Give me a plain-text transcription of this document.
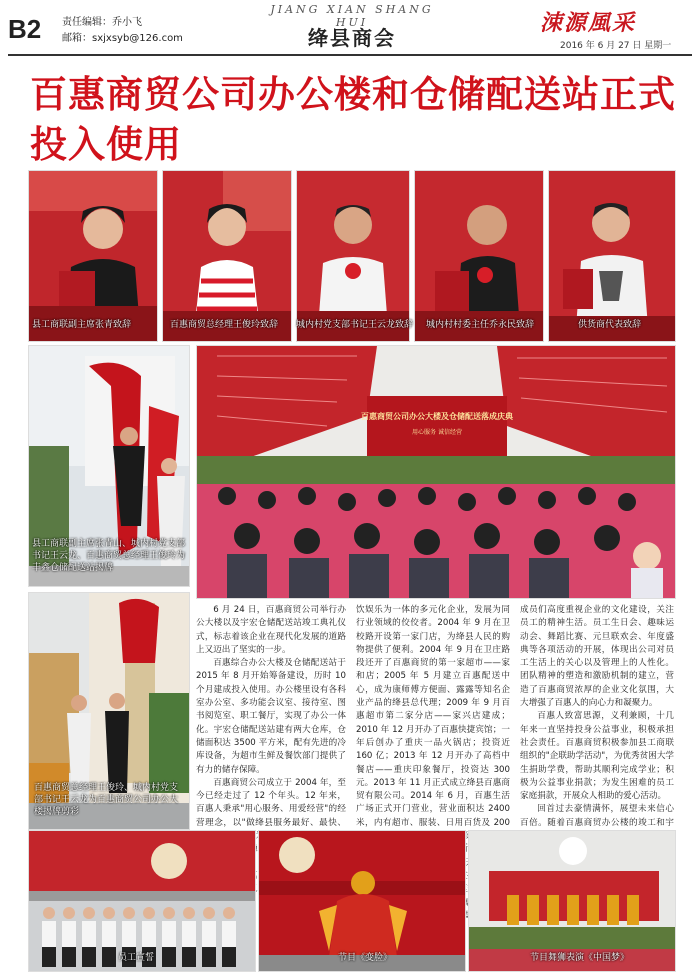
B2 责任编辑：乔小飞
邮箱：sxjxsyb@126.com
JIANG XIAN SHANG HUI
绛县商会
涑源風采
2016 年 6 月 27 日 星期一
百惠商贸公司办公楼和仓储配送站正式投入使用
县工商联副主席张青致辞	百惠商贸总经理王俊玲致辞 城内村党支部书记王云龙致辞 城内村村委主任乔永民致辞	供货商代表致辞
县工商联副主席张青山、城内村党支部书记王云龙、百惠商贸总经理王俊玲为丰鑫仓储配送站揭牌
百惠商贸公司办公大楼及仓储配送落成庆典
用心服务 诚信经营
百惠商贸总经理王俊玲、城内村党支部书记王云龙为百惠商贸公司办公大楼揭牌剪彩

6 月 24 日，百惠商贸公司举行办公大楼以及宇宏仓储配送站竣工典礼仪式，标志着该企业在现代化发展的道路上又迈出了坚实的一步。

百惠综合办公大楼及仓储配送站于 2015 年 8 月开始筹备建设，历时 10 个月建成投入使用。办公楼里设有各科室办公室、多功能会议室、接待室、图书阅览室、职工餐厅，实现了办公一体化。宇宏仓储配送站建有两大仓库，仓储面积达 3500 平方米，配有先进的冷库设备，为超市生鲜及餐饮部门提供了有力的储存保障。

百惠商贸公司成立于 2004 年，至今已经走过了 12 个年头。12 年来，百惠人秉承"用心服务、用爱经营"的经营理念，以"做绛县服务最好、最快、 稳扎

饮娱乐为一体的多元化企业，发展为同行业领域的佼佼者。2004 年 9 月在卫校路开设第一家门店，为绛县人民的购物提供了便利。2004 年 9 月在卫庄路段还开了百惠商贸的第一家超市——家和店；2005 年 5 月建立百惠配送中心，成为康师傅方便面、露露等知名企业产品的绛县总代理；2009 年 9 月百惠超市第二家分店——家兴店建成；2010 年 12 月开办了百惠快捷宾馆；一年后创办了重庆一品火锅店；投资近 160 亿；2013 年 12 月开办了高档中餐店——重庆印象餐厅，投资达 300 元。2013 年 11 月正式成立绛县百惠商贸有限公司。2014 年 6 月，百惠生活广场正式开门营业，营业面积达 2400 米，内有超市、服装、日用百货及 200

成员们高度重视企业的文化建设，关注员工的精神生活。员工生日会、趣味运动会、舞蹈比赛、元旦联欢会、年度盛典等各项活动的开展，体现出公司对员工生活上的关心以及管理上的人性化。团队精神的塑造和激励机制的建立，营造了百惠商贸浓厚的企业文化氛围，大大增强了百惠人的向心力和凝聚力。

百惠人致富思源，义利兼顾，十几年来一直坚持投身公益事业，积极承担社会责任。百惠商贸积极参加县工商联组织的"企联助学活动"，为优秀贫困大学生捐助学费，帮助其顺利完成学业；积极为公益事业捐款；为发生困难的员工家庭捐款，开展众人相助的爱心活动。

回首过去豪情满怀，展望未来信心百倍。随着百惠商贸办公楼的竣工和宇

员工宣誓	节目《变脸》	节目舞狮表演《中国梦》
